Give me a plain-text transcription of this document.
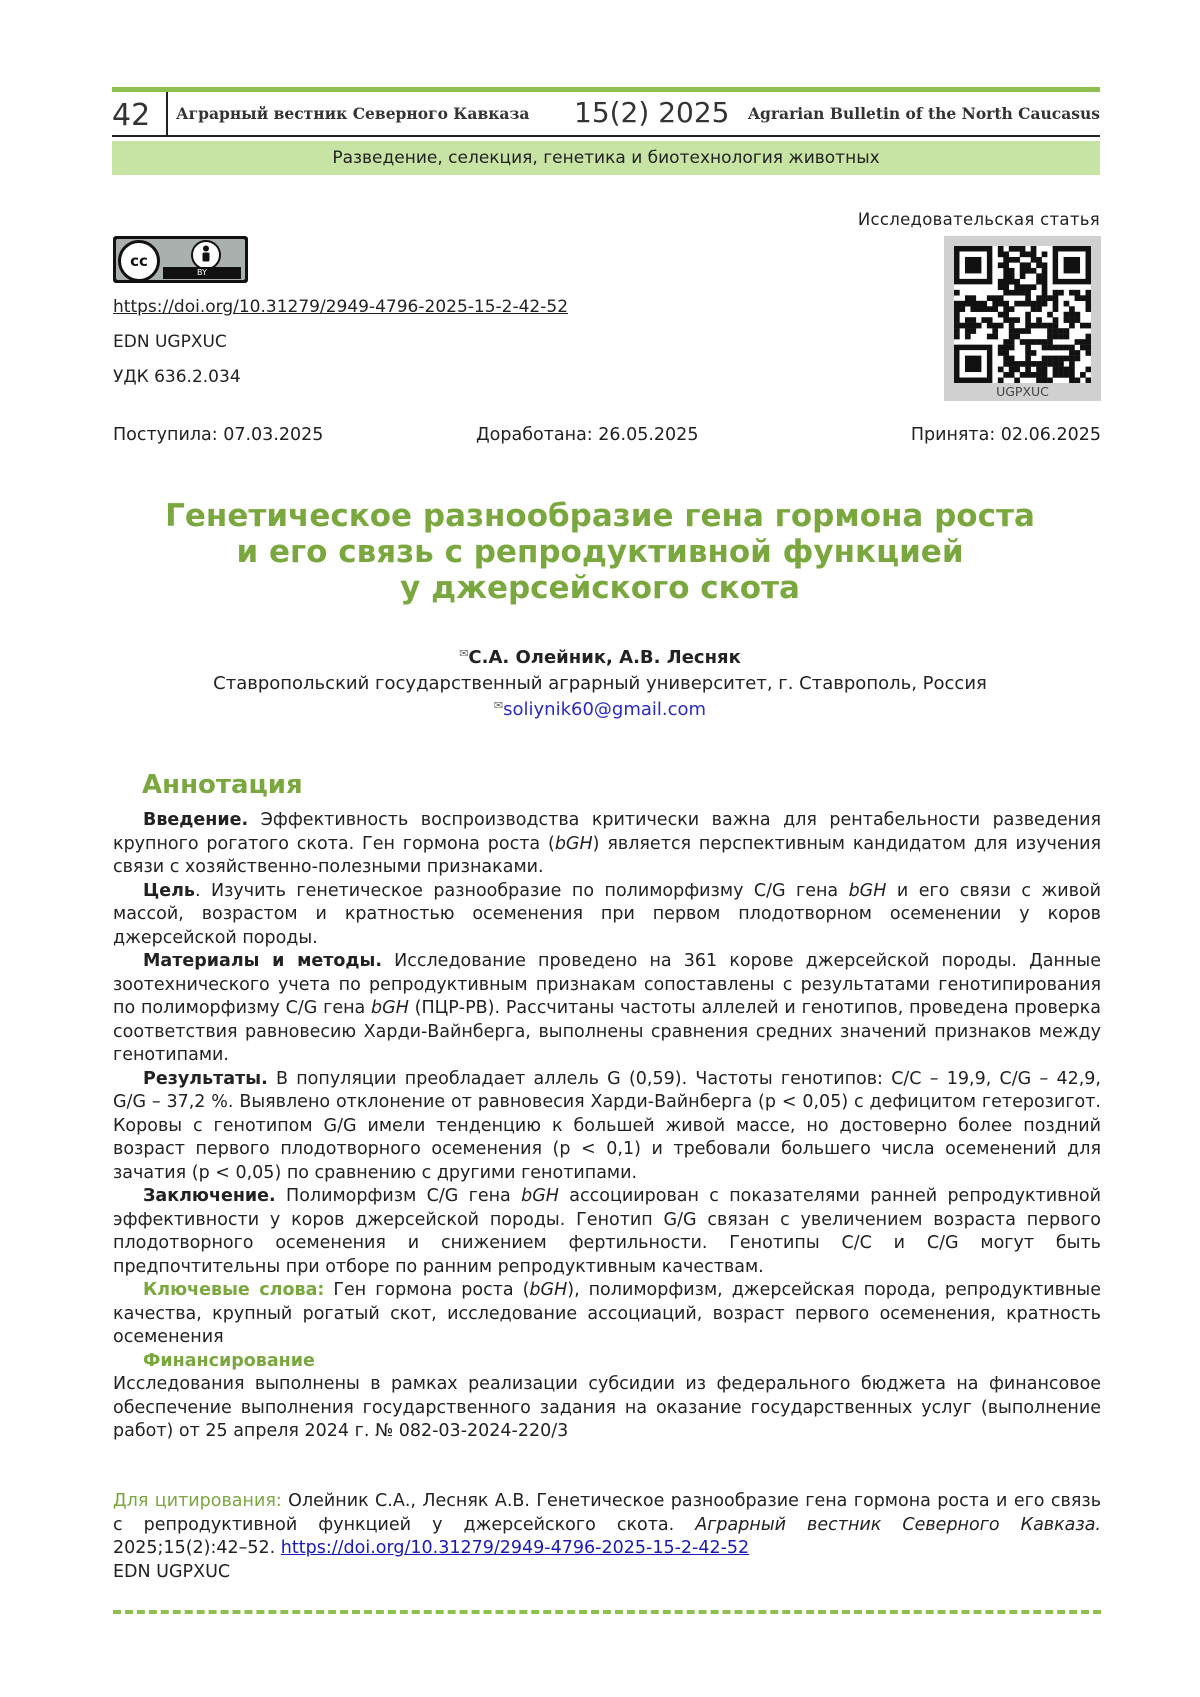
42	Аграрный вестник Северного Кавказа 15(2) 2025 Agrarian Bulletin of the North Caucasus
Разведение, селекция, генетика и биотехнология животных
Исследовательская статья
cc
BY
UGPXUC
https://doi.org/10.31279/2949-4796-2025-15-2-42-52
EDN UGPXUC
УДК 636.2.034
Поступила: 07.03.2025	Доработана: 26.05.2025	Принята: 02.06.2025
Генетическое разнообразие гена гормона роста
и его связь с репродуктивной функцией
у джерсейского скота
✉С.А. Олейник, А.В. Лесняк
Ставропольский государственный аграрный университет, г. Ставрополь, Россия
✉soliynik60@gmail.com
Аннотация

Введение. Эффективность воспроизводства критически важна для рентабельности разведения крупного рогатого скота. Ген гормона роста (bGH) является перспективным кандидатом для изучения связи с хозяйственно-полезными признаками.

Цель. Изучить генетическое разнообразие по полиморфизму C/G гена bGH и его связи с живой массой, возрастом и кратностью осеменения при первом плодотворном осеменении у коров джерсейской породы.

Материалы и методы. Исследование проведено на 361 корове джерсейской породы. Данные зоотехнического учета по репродуктивным признакам сопоставлены с результатами генотипирования по полиморфизму C/G гена bGH (ПЦР-РВ). Рассчитаны частоты аллелей и генотипов, проведена проверка соответствия равновесию Харди-Вайнберга, выполнены сравнения средних значений признаков между генотипами.

Результаты. В популяции преобладает аллель G (0,59). Частоты генотипов: C/C – 19,9, C/G – 42,9, G/G – 37,2 %. Выявлено отклонение от равновесия Харди-Вайнберга (p < 0,05) с дефицитом гетерозигот. Коровы с генотипом G/G имели тенденцию к большей живой массе, но достоверно более поздний возраст первого плодотворного осеменения (p < 0,1) и требовали большего числа осеменений для зачатия (p < 0,05) по сравнению с другими генотипами.

Заключение. Полиморфизм C/G гена bGH ассоциирован с показателями ранней репродуктивной эффективности у коров джерсейской породы. Генотип G/G связан с увеличением возраста первого плодотворного осеменения и снижением фертильности. Генотипы C/C и C/G могут быть предпочтительны при отборе по ранним репродуктивным качествам.

Ключевые слова: Ген гормона роста (bGH), полиморфизм, джерсейская порода, репродуктивные качества, крупный рогатый скот, исследование ассоциаций, возраст первого осеменения, кратность осеменения

Финансирование

Исследования выполнены в рамках реализации субсидии из федерального бюджета на финансовое обеспечение выполнения государственного задания на оказание государственных услуг (выполнение работ) от 25 апреля 2024 г. № 082-03-2024-220/3

Для цитирования: Олейник С.А., Лесняк А.В. Генетическое разнообразие гена гормона роста и его связь с репродуктивной функцией у джерсейского скота. Аграрный вестник Северного Кавказа. 2025;15(2):42–52. https://doi.org/10.31279/2949-4796-2025-15-2-42-52
EDN UGPXUC
